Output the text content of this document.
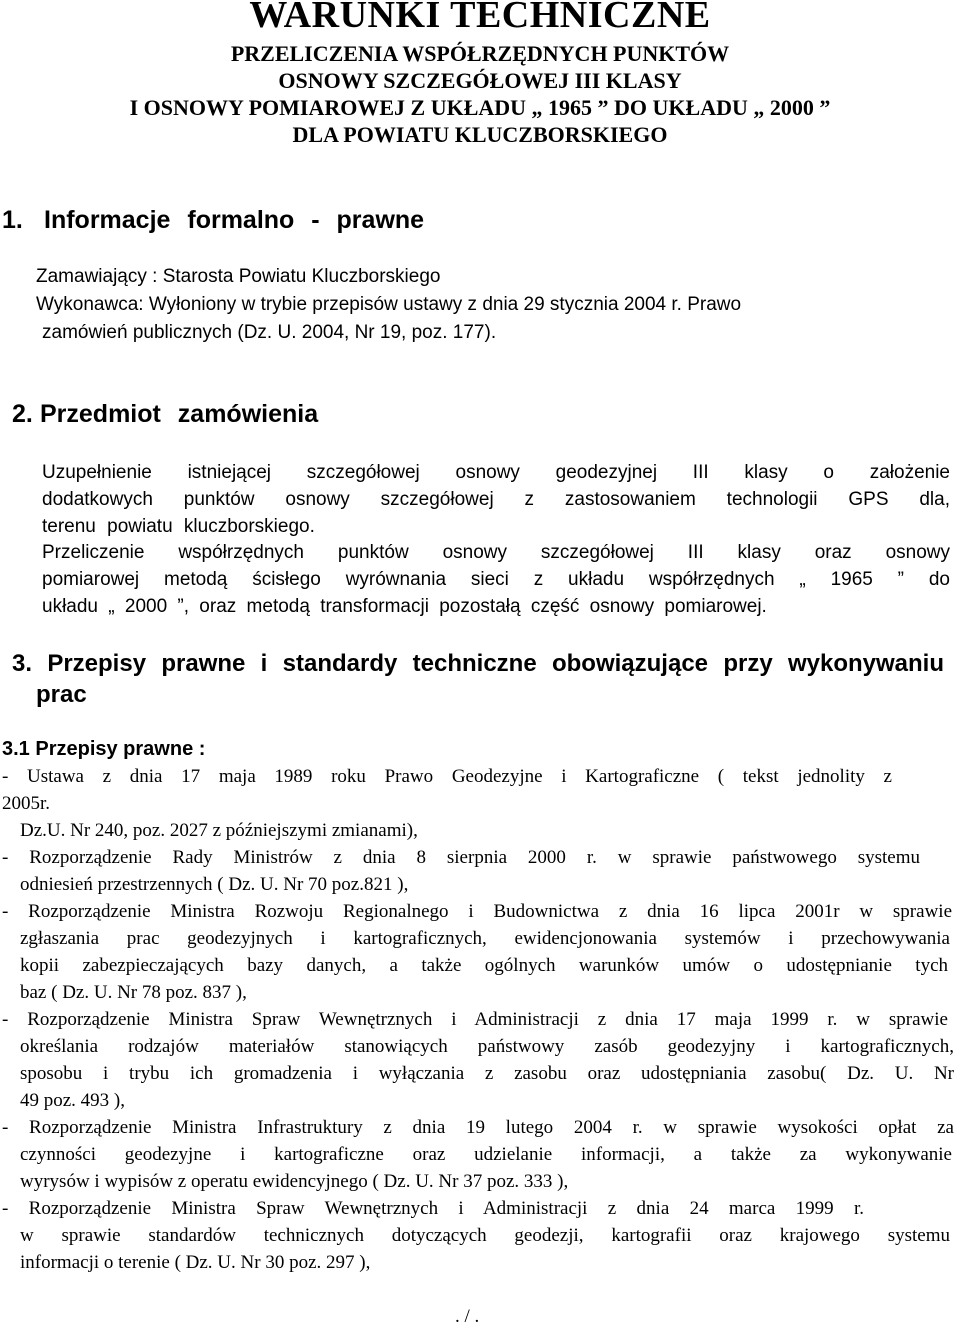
WARUNKI TECHNICZNE
PRZELICZENIA WSPÓŁRZĘDNYCH PUNKTÓW
OSNOWY SZCZEGÓŁOWEJ III KLASY
I OSNOWY POMIAROWEJ Z UKŁADU „ 1965 ” DO UKŁADU „ 2000 ”
DLA POWIATU KLUCZBORSKIEGO
1. Informacje formalno - prawne
Zamawiający : Starosta Powiatu Kluczborskiego
Wykonawca: Wyłoniony w trybie przepisów ustawy z dnia 29 stycznia 2004 r. Prawo
zamówień publicznych (Dz. U. 2004, Nr 19, poz. 177).
2. Przedmiot zamówienia
Uzupełnienie istniejącej szczegółowej osnowy geodezyjnej III klasy o założenie
dodatkowych punktów osnowy szczegółowej z zastosowaniem technologii GPS dla,
terenu powiatu kluczborskiego.
Przeliczenie współrzędnych punktów osnowy szczegółowej III klasy oraz osnowy
pomiarowej metodą ścisłego wyrównania sieci z układu współrzędnych „ 1965 ” do
układu „ 2000 ”, oraz metodą transformacji pozostałą część osnowy pomiarowej.
3. Przepisy prawne i standardy techniczne obowiązujące przy wykonywaniu
prac
3.1 Przepisy prawne :
- Ustawa z dnia 17 maja 1989 roku Prawo Geodezyjne i Kartograficzne ( tekst jednolity z
2005r.
Dz.U. Nr 240, poz. 2027 z późniejszymi zmianami),
- Rozporządzenie Rady Ministrów z dnia 8 sierpnia 2000 r. w sprawie państwowego systemu
odniesień przestrzennych ( Dz. U. Nr 70 poz.821 ),
- Rozporządzenie Ministra Rozwoju Regionalnego i Budownictwa z dnia 16 lipca 2001r w sprawie
zgłaszania prac geodezyjnych i kartograficznych, ewidencjonowania systemów i przechowywania
kopii zabezpieczających bazy danych, a także ogólnych warunków umów o udostępnianie tych
baz ( Dz. U. Nr 78 poz. 837 ),
- Rozporządzenie Ministra Spraw Wewnętrznych i Administracji z dnia 17 maja 1999 r. w sprawie
określania rodzajów materiałów stanowiących państwowy zasób geodezyjny i kartograficznych,
sposobu i trybu ich gromadzenia i wyłączania z zasobu oraz udostępniania zasobu( Dz. U. Nr
49 poz. 493 ),
- Rozporządzenie Ministra Infrastruktury z dnia 19 lutego 2004 r. w sprawie wysokości opłat za
czynności geodezyjne i kartograficzne oraz udzielanie informacji, a także za wykonywanie
wyrysów i wypisów z operatu ewidencyjnego ( Dz. U. Nr 37 poz. 333 ),
- Rozporządzenie Ministra Spraw Wewnętrznych i Administracji z dnia 24 marca 1999 r.
w sprawie standardów technicznych dotyczących geodezji, kartografii oraz krajowego systemu
informacji o terenie ( Dz. U. Nr 30 poz. 297 ),
. / .
